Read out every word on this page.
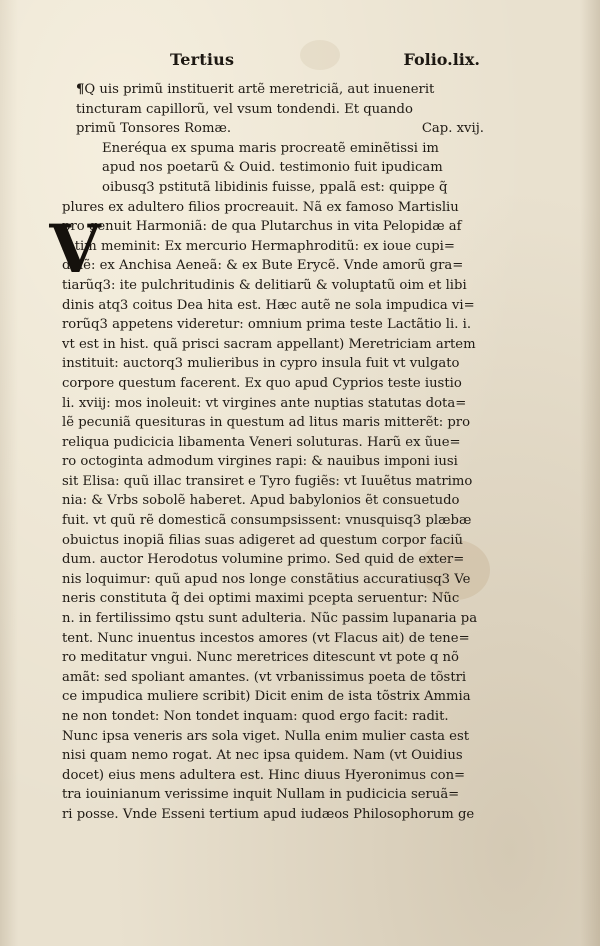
Tertius	Folio.lix.
V
¶Q uis primũ instituerit artẽ meretriciã, aut inuenerit
tincturam capillorũ, vel vsum tondendi. Et quando
primũ Tonsores Romæ.	Cap. xvij.
Eneréqua ex spuma maris procreatẽ eminẽtissi im
apud nos poetarũ & Ouid. testimonio fuit ipudicam
oibusq3 pstitutã libidinis fuisse, ppalã est: quippe q̃
plures ex adultero filios procreauit. Nã ex famoso Martisliu
pro genuit Harmoniã: de qua Plutarchus in vita Pelopidæ af
fatim meminit: Ex mercurio Hermaphroditũ: ex ioue cupi=
dinẽ: ex Anchisa Aeneã: & ex Bute Erycẽ. Vnde amorũ gra=
tiarũq3: ite pulchritudinis & delitiarũ & voluptatũ oim et libi
dinis atq3 coitus Dea hita est. Hæc autẽ ne sola impudica vi=
rorũq3 appetens videretur: omnium prima teste Lactãtio li. i.
vt est in hist. quã prisci sacram appellant) Meretriciam artem
instituit: auctorq3 mulieribus in cypro insula fuit vt vulgato
corpore questum facerent. Ex quo apud Cyprios teste iustio
li. xviij: mos inoleuit: vt virgines ante nuptias statutas dota=
lẽ pecuniã quesituras in questum ad litus maris mitterẽt: pro
reliqua pudicicia libamenta Veneri soluturas. Harũ ex ũue=
ro octoginta admodum virgines rapi: & nauibus imponi iusi
sit Elisa: quũ illac transiret e Tyro fugiẽs: vt Iuuẽtus matrimo
nia: & Vrbs sobolẽ haberet. Apud babylonios ẽt consuetudo
fuit. vt quũ rẽ domesticã consumpsissent: vnusquisq3 plæbæ
obuictus inopiã filias suas adigeret ad questum corpor faciũ
dum. auctor Herodotus volumine primo. Sed quid de exter=
nis loquimur: quũ apud nos longe constãtius accuratiusq3 Ve
neris constituta q̃ dei optimi maximi pcepta seruentur: Nũc
n. in fertilissimo qstu sunt adulteria. Nũc passim lupanaria pa
tent. Nunc inuentus incestos amores (vt Flacus ait) de tene=
ro meditatur vngui. Nunc meretrices ditescunt vt pote q nõ
amãt: sed spoliant amantes. (vt vrbanissimus poeta de tõstri
ce impudica muliere scribit) Dicit enim de ista tõstrix Ammia
ne non tondet: Non tondet inquam: quod ergo facit: radit.
Nunc ipsa veneris ars sola viget. Nulla enim mulier casta est
nisi quam nemo rogat. At nec ipsa quidem. Nam (vt Ouidius
docet) eius mens adultera est. Hinc diuus Hyeronimus con=
tra iouinianum verissime inquit Nullam in pudicicia seruã=
ri posse. Vnde Esseni tertium apud iudæos Philosophorum ge
